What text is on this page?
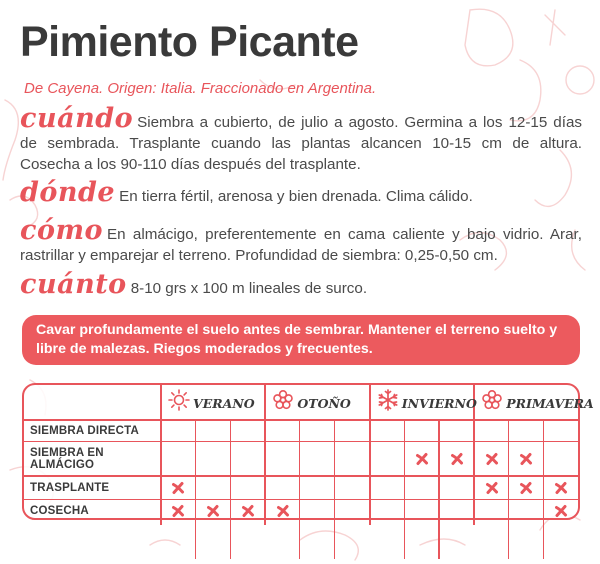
Pimiento Picante
De Cayena. Origen: Italia. Fraccionado en Argentina.
cuándo Siembra a cubierto, de julio a agosto. Germina a los 12-15 días de sembrada. Trasplante cuando las plantas alcancen 10-15 cm de altura. Cosecha a los 90-110 días después del trasplante.
dónde En tierra fértil, arenosa y bien drenada. Clima cálido.
cómo En almácigo, preferentemente en cama caliente y bajo vidrio. Arar, rastrillar y emparejar el terreno. Profundidad de siembra: 0,25-0,50 cm.
cuánto 8-10 grs x 100 m lineales de surco.
Cavar profundamente el suelo antes de sembrar. Mantener el terreno suelto y libre de malezas. Riegos moderados y frecuentes.
VERANO	OTOÑO	INVIERNO PRIMAVERA
SIEMBRA DIRECTA
SIEMBRA EN ALMÁCIGO
TRASPLANTE
COSECHA
